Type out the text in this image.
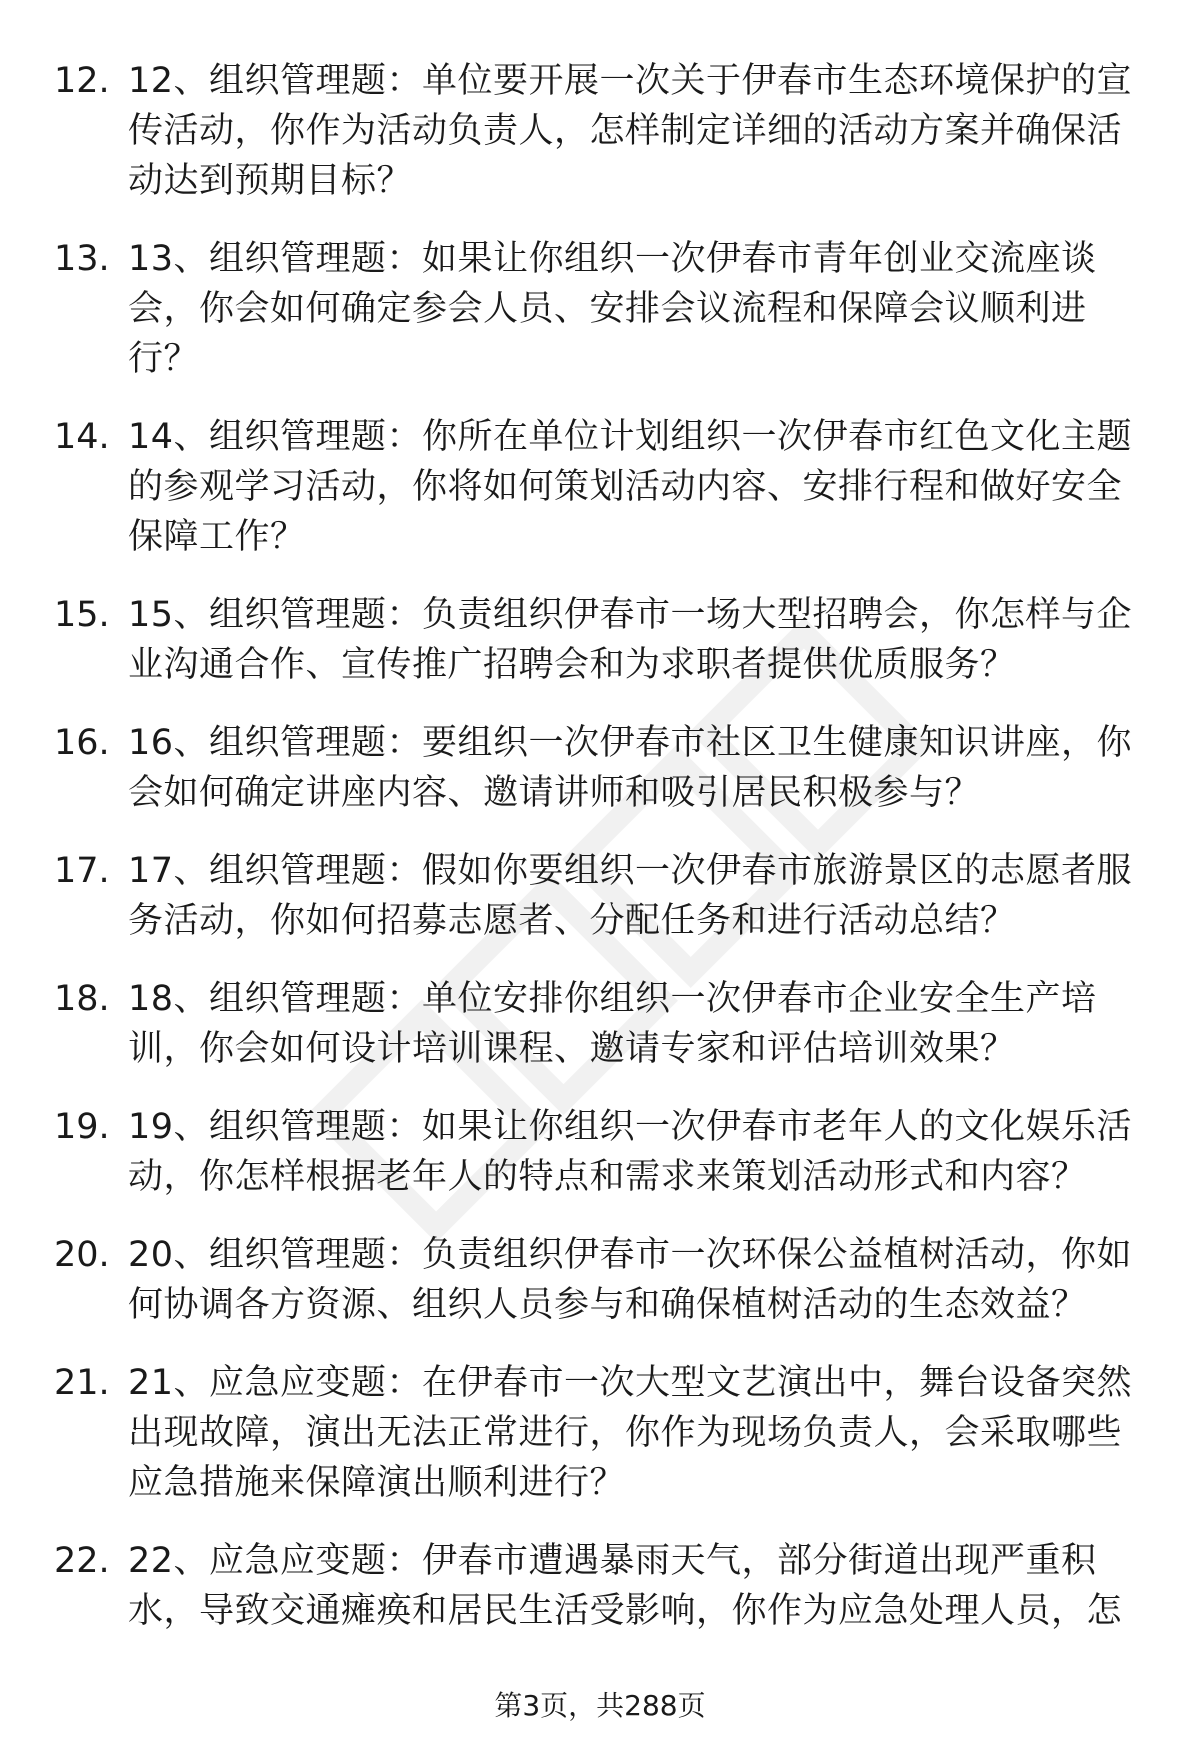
12. 12、组织管理题：单位要开展一次关于伊春市生态环境保护的宣传活动，你作为活动负责人，怎样制定详细的活动方案并确保活动达到预期目标？
13. 13、组织管理题：如果让你组织一次伊春市青年创业交流座谈会，你会如何确定参会人员、安排会议流程和保障会议顺利进行？
14. 14、组织管理题：你所在单位计划组织一次伊春市红色文化主题的参观学习活动，你将如何策划活动内容、安排行程和做好安全保障工作？
15. 15、组织管理题：负责组织伊春市一场大型招聘会，你怎样与企业沟通合作、宣传推广招聘会和为求职者提供优质服务？
16. 16、组织管理题：要组织一次伊春市社区卫生健康知识讲座，你会如何确定讲座内容、邀请讲师和吸引居民积极参与？
17. 17、组织管理题：假如你要组织一次伊春市旅游景区的志愿者服务活动，你如何招募志愿者、分配任务和进行活动总结？
18. 18、组织管理题：单位安排你组织一次伊春市企业安全生产培训，你会如何设计培训课程、邀请专家和评估培训效果？
19. 19、组织管理题：如果让你组织一次伊春市老年人的文化娱乐活动，你怎样根据老年人的特点和需求来策划活动形式和内容？
20. 20、组织管理题：负责组织伊春市一次环保公益植树活动，你如何协调各方资源、组织人员参与和确保植树活动的生态效益？
21. 21、应急应变题：在伊春市一次大型文艺演出中，舞台设备突然出现故障，演出无法正常进行，你作为现场负责人，会采取哪些应急措施来保障演出顺利进行？
22. 22、应急应变题：伊春市遭遇暴雨天气，部分街道出现严重积水，导致交通瘫痪和居民生活受影响，你作为应急处理人员，怎
第3页，共288页
